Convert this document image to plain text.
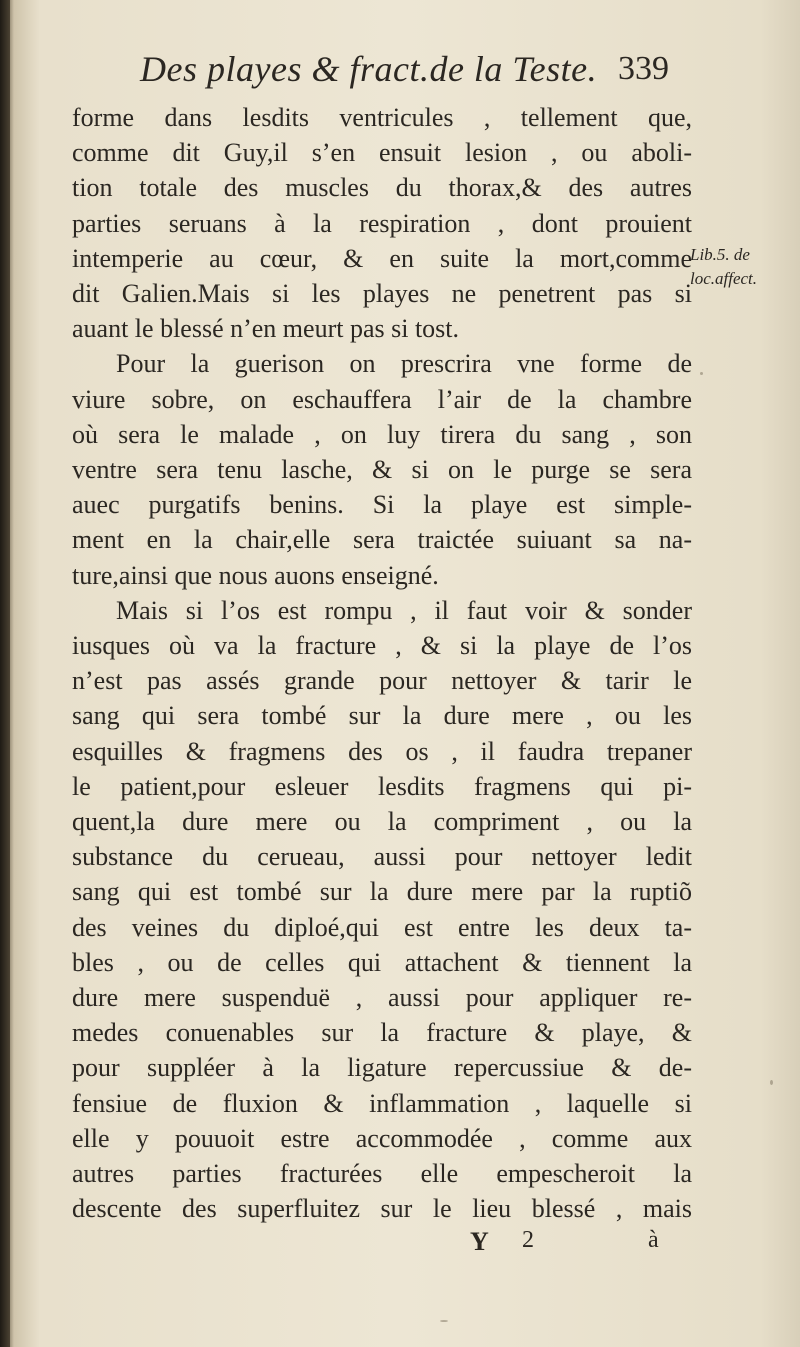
Des playes & fract.de la Teste. 339
Lib.5. de
loc.affect.
forme dans lesdits ventricules , tellement que,
comme dit Guy,il s’en ensuit lesion , ou aboli-
tion totale des muscles du thorax,& des autres
parties seruans à la respiration , dont prouient
intemperie au cœur, & en suite la mort,comme
dit Galien.Mais si les playes ne penetrent pas si
auant le blessé n’en meurt pas si tost.
Pour la guerison on prescrira vne forme de
viure sobre, on eschauffera l’air de la chambre
où sera le malade , on luy tirera du sang , son
ventre sera tenu lasche, & si on le purge se sera
auec purgatifs benins. Si la playe est simple-
ment en la chair,elle sera traictée suiuant sa na-
ture,ainsi que nous auons enseigné.
Mais si l’os est rompu , il faut voir & sonder
iusques où va la fracture , & si la playe de l’os
n’est pas assés grande pour nettoyer & tarir le
sang qui sera tombé sur la dure mere , ou les
esquilles & fragmens des os , il faudra trepaner
le patient,pour esleuer lesdits fragmens qui pi-
quent,la dure mere ou la compriment , ou la
substance du cerueau, aussi pour nettoyer ledit
sang qui est tombé sur la dure mere par la ruptiõ
des veines du diploé,qui est entre les deux ta-
bles , ou de celles qui attachent & tiennent la
dure mere suspenduë , aussi pour appliquer re-
medes conuenables sur la fracture & playe, &
pour suppléer à la ligature repercussiue & de-
fensiue de fluxion & inflammation , laquelle si
elle y pouuoit estre accommodée , comme aux
autres parties fracturées elle empescheroit la
descente des superfluitez sur le lieu blessé , mais
Y 2	à
